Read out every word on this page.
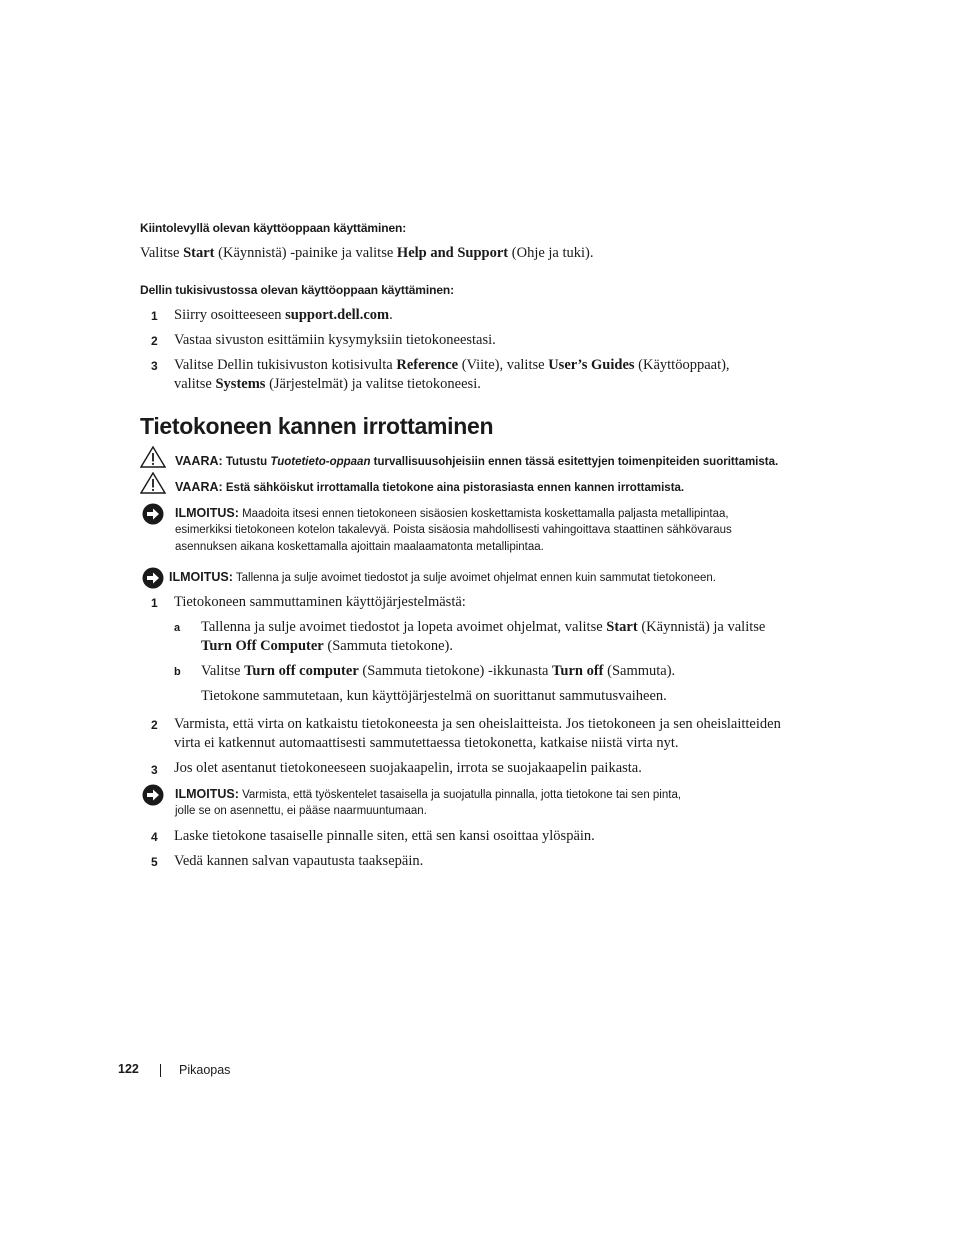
Kiintolevyllä olevan käyttöoppaan käyttäminen:
Valitse Start (Käynnistä) -painike ja valitse Help and Support (Ohje ja tuki).
Dellin tukisivustossa olevan käyttöoppaan käyttäminen:
1 Siirry osoitteeseen support.dell.com.
2 Vastaa sivuston esittämiin kysymyksiin tietokoneestasi.
3 Valitse Dellin tukisivuston kotisivulta Reference (Viite), valitse User’s Guides (Käyttöoppaat),
valitse Systems (Järjestelmät) ja valitse tietokoneesi.
Tietokoneen kannen irrottaminen
VAARA: Tutustu Tuotetieto-oppaan turvallisuusohjeisiin ennen tässä esitettyjen toimenpiteiden suorittamista.
VAARA: Estä sähköiskut irrottamalla tietokone aina pistorasiasta ennen kannen irrottamista.
ILMOITUS: Maadoita itsesi ennen tietokoneen sisäosien koskettamista koskettamalla paljasta metallipintaa,
esimerkiksi tietokoneen kotelon takalevyä. Poista sisäosia mahdollisesti vahingoittava staattinen sähkövaraus
asennuksen aikana koskettamalla ajoittain maalaamatonta metallipintaa.
ILMOITUS: Tallenna ja sulje avoimet tiedostot ja sulje avoimet ohjelmat ennen kuin sammutat tietokoneen.
1 Tietokoneen sammuttaminen käyttöjärjestelmästä:
a Tallenna ja sulje avoimet tiedostot ja lopeta avoimet ohjelmat, valitse Start (Käynnistä) ja valitse
Turn Off Computer (Sammuta tietokone).
b Valitse Turn off computer (Sammuta tietokone) -ikkunasta Turn off (Sammuta).
Tietokone sammutetaan, kun käyttöjärjestelmä on suorittanut sammutusvaiheen.
2 Varmista, että virta on katkaistu tietokoneesta ja sen oheislaitteista. Jos tietokoneen ja sen oheislaitteiden
virta ei katkennut automaattisesti sammutettaessa tietokonetta, katkaise niistä virta nyt.
3 Jos olet asentanut tietokoneeseen suojakaapelin, irrota se suojakaapelin paikasta.
ILMOITUS: Varmista, että työskentelet tasaisella ja suojatulla pinnalla, jotta tietokone tai sen pinta,
jolle se on asennettu, ei pääse naarmuuntumaan.
4 Laske tietokone tasaiselle pinnalle siten, että sen kansi osoittaa ylöspäin.
5 Vedä kannen salvan vapautusta taaksepäin.
122	Pikaopas
